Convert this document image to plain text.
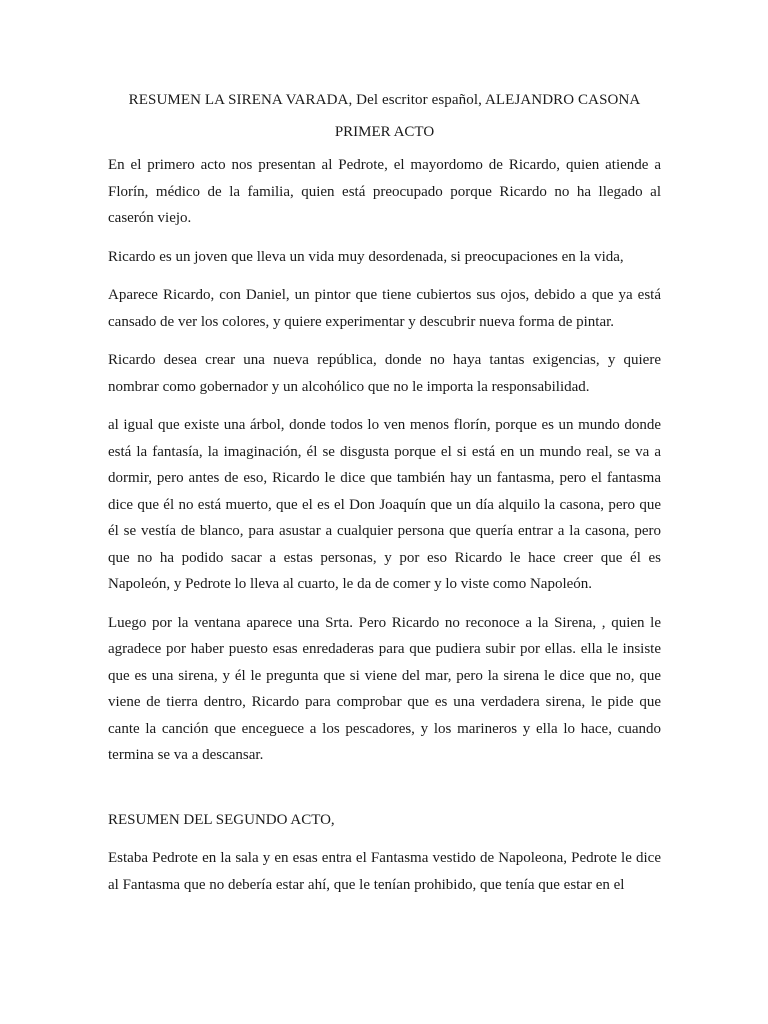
RESUMEN LA SIRENA VARADA, Del escritor español, ALEJANDRO CASONA

PRIMER ACTO

En el primero acto nos presentan al Pedrote, el mayordomo de Ricardo, quien atiende a Florín, médico de la familia, quien está preocupado porque Ricardo no ha llegado al caserón viejo.

Ricardo es un joven que lleva un vida muy desordenada, si preocupaciones en la vida,

Aparece Ricardo, con Daniel, un pintor que tiene cubiertos sus ojos, debido a que ya está cansado de ver los colores, y quiere experimentar y descubrir nueva forma de pintar.

Ricardo desea crear una nueva república, donde no haya tantas exigencias, y quiere nombrar como gobernador y un alcohólico que no le importa la responsabilidad.

al igual que existe una árbol, donde todos lo ven menos florín, porque es un mundo donde está la fantasía, la imaginación, él se disgusta porque el si está en un mundo real, se va a dormir, pero antes de eso, Ricardo le dice que también hay un fantasma, pero el fantasma dice que él no está muerto, que el es el Don Joaquín que un día alquilo la casona, pero que él se vestía de blanco, para asustar a cualquier persona que quería entrar a la casona, pero que no ha podido sacar a estas personas, y por eso Ricardo le hace creer que él es Napoleón, y Pedrote lo lleva al cuarto, le da de comer y lo viste como Napoleón.

Luego por la ventana aparece una Srta. Pero Ricardo no reconoce a la Sirena, , quien le agradece por haber puesto esas enredaderas para que pudiera subir por ellas. ella le insiste que es una sirena, y él le pregunta que si viene del mar, pero la sirena le dice que no, que viene de tierra dentro, Ricardo para comprobar que es una verdadera sirena, le pide que cante la canción que enceguece a los pescadores, y los marineros y ella lo hace, cuando termina se va a descansar.

RESUMEN DEL SEGUNDO ACTO,

Estaba Pedrote en la sala y en esas entra el Fantasma vestido de Napoleona, Pedrote le dice al Fantasma que no debería estar ahí, que le tenían prohibido, que tenía que estar en el
